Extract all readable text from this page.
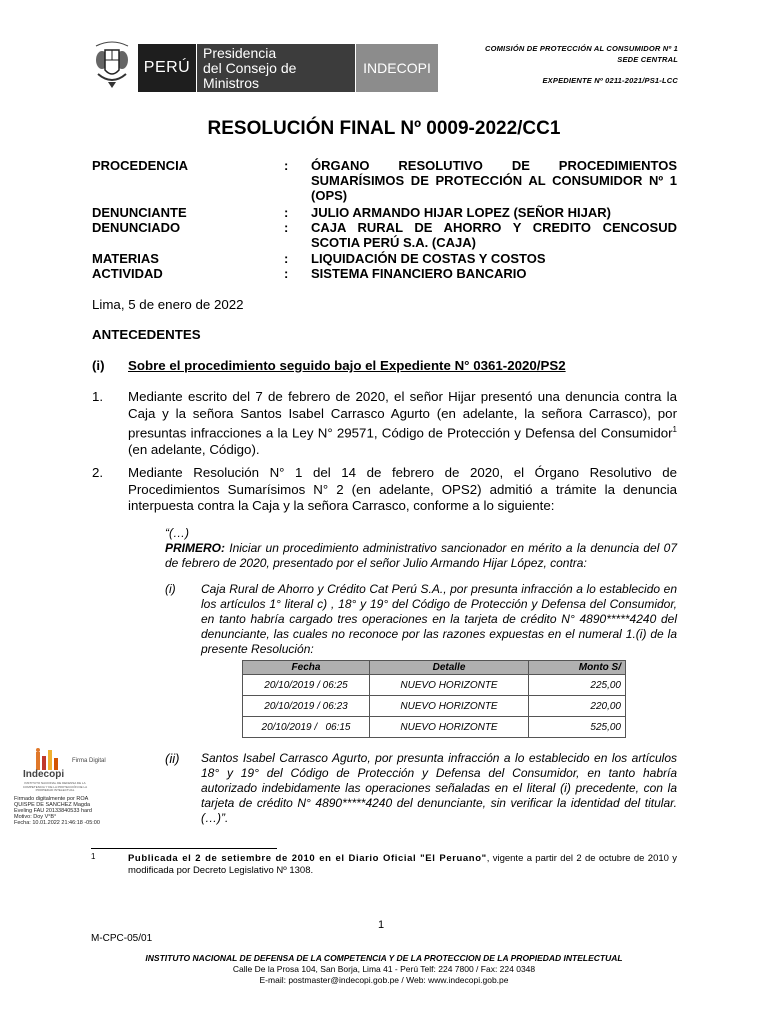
PERÚ
Presidencia
del Consejo de Ministros
INDECOPI
COMISIÓN DE PROTECCIÓN AL CONSUMIDOR Nº 1
SEDE CENTRAL
EXPEDIENTE Nº 0211-2021/PS1-LCC
RESOLUCIÓN FINAL Nº 0009-2022/CC1
PROCEDENCIA	: ÓRGANO RESOLUTIVO DE PROCEDIMIENTOS SUMARÍSIMOS DE PROTECCIÓN AL CONSUMIDOR Nº 1 (OPS)
DENUNCIANTE	: JULIO ARMANDO HIJAR LOPEZ (SEÑOR HIJAR)
DENUNCIADO	: CAJA RURAL DE AHORRO Y CREDITO CENCOSUD SCOTIA PERÚ S.A. (CAJA)
MATERIAS	: LIQUIDACIÓN DE COSTAS Y COSTOS
ACTIVIDAD	: SISTEMA FINANCIERO BANCARIO
Lima, 5 de enero de 2022
ANTECEDENTES
(i) Sobre el procedimiento seguido bajo el Expediente N° 0361-2020/PS2
1. Mediante escrito del 7 de febrero de 2020, el señor Hijar presentó una denuncia contra la Caja y la señora Santos Isabel Carrasco Agurto (en adelante, la señora Carrasco), por presuntas infracciones a la Ley N° 29571, Código de Protección y Defensa del Consumidor$^1$ (en adelante, Código).
2. Mediante Resolución N° 1 del 14 de febrero de 2020, el Órgano Resolutivo de Procedimientos Sumarísimos N° 2 (en adelante, OPS2) admitió a trámite la denuncia interpuesta contra la Caja y la señora Carrasco, conforme a lo siguiente:
“(…)
PRIMERO: Iniciar un procedimiento administrativo sancionador en mérito a la denuncia del 07 de febrero de 2020, presentado por el señor Julio Armando Hijar López, contra:
(i) Caja Rural de Ahorro y Crédito Cat Perú S.A., por presunta infracción a lo establecido en los artículos 1° literal c) , 18° y 19° del Código de Protección y Defensa del Consumidor, en tanto habría cargado tres operaciones en la tarjeta de crédito N° 4890*****4240 del denunciante, las cuales no reconoce por las razones expuestas en el numeral 1.(i) de la presente Resolución:
Fecha	Detalle	Monto S/
20/10/2019 / 06:25	NUEVO HORIZONTE	225,00
20/10/2019 / 06:23	NUEVO HORIZONTE	220,00
20/10/2019 /   06:15	NUEVO HORIZONTE	525,00
(ii) Santos Isabel Carrasco Agurto, por presunta infracción a lo establecido en los artículos 18° y 19° del Código de Protección y Defensa del Consumidor, en tanto habría autorizado indebidamente las operaciones señaladas en el literal (i) precedente, con la tarjeta de crédito N° 4890*****4240 del denunciante, sin verificar la identidad del titular. (…)”.
Indecopi
Firma Digital
INSTITUTO NACIONAL DE DEFENSA DE LA COMPETENCIA Y DE LA PROTECCIÓN DE LA PROPIEDAD INTELECTUAL
Firmado digitalmente por ROA
QUISPE DE SANCHEZ Magda
Eveling FAU 20133840533 hard
Motivo: Doy V°B°
Fecha: 10.01.2022 21:46:18 -05:00
1	Publicada el 2 de setiembre de 2010 en el Diario Oficial "El Peruano", vigente a partir del 2 de octubre de 2010 y modificada por Decreto Legislativo Nº 1308.
1
M-CPC-05/01
INSTITUTO NACIONAL DE DEFENSA DE LA COMPETENCIA Y DE LA PROTECCION DE LA PROPIEDAD INTELECTUAL
Calle De la Prosa 104, San Borja, Lima 41 - Perú Telf: 224 7800 / Fax: 224 0348
E-mail: postmaster@indecopi.gob.pe / Web: www.indecopi.gob.pe
